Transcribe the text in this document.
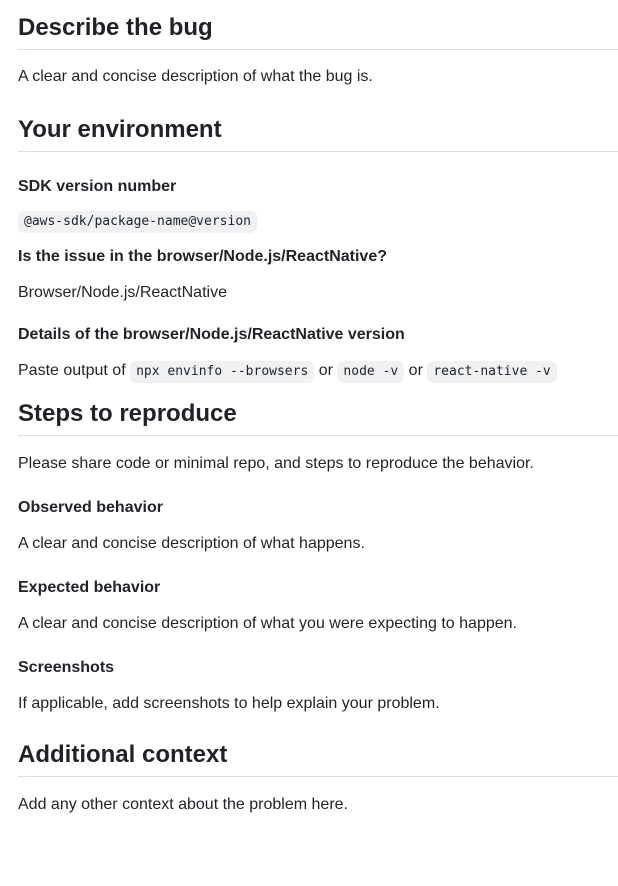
Describe the bug

A clear and concise description of what the bug is.

Your environment
SDK version number
@aws-sdk/package-name@version
Is the issue in the browser/Node.js/ReactNative?

Browser/Node.js/ReactNative

Details of the browser/Node.js/ReactNative version

Paste output of npx envinfo --browsers or node -v or react-native -v

Steps to reproduce

Please share code or minimal repo, and steps to reproduce the behavior.

Observed behavior

A clear and concise description of what happens.

Expected behavior

A clear and concise description of what you were expecting to happen.

Screenshots

If applicable, add screenshots to help explain your problem.

Additional context

Add any other context about the problem here.
